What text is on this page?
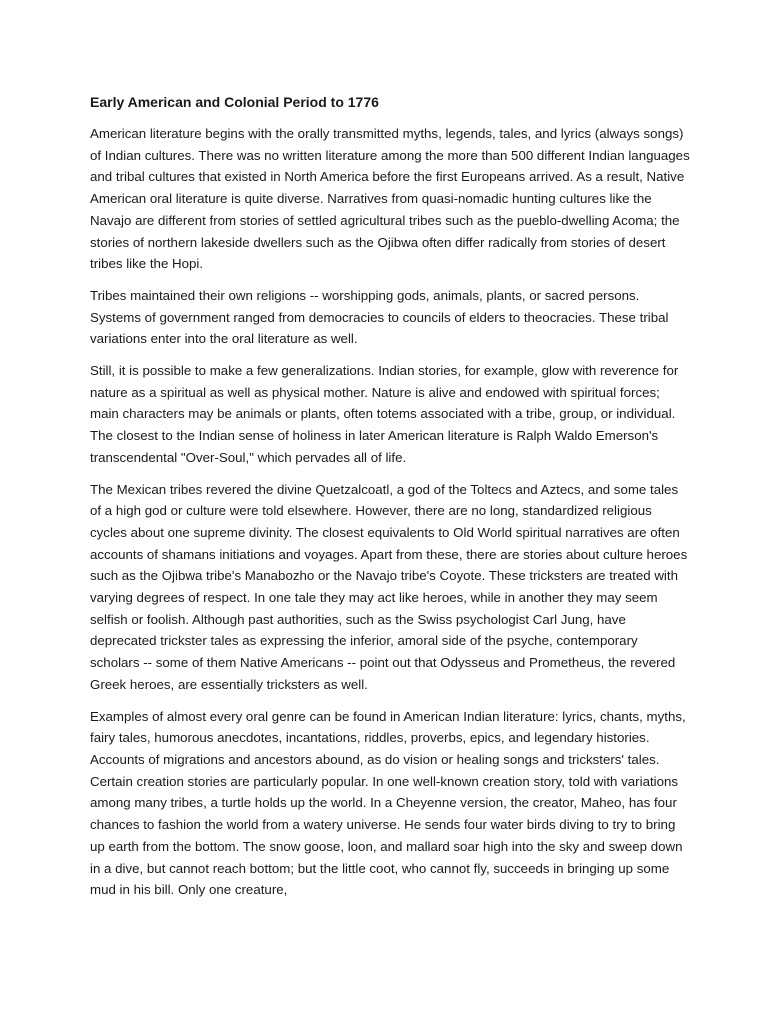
Early American and Colonial Period to 1776

American literature begins with the orally transmitted myths, legends, tales, and lyrics (always songs) of Indian cultures. There was no written literature among the more than 500 different Indian languages and tribal cultures that existed in North America before the first Europeans arrived. As a result, Native American oral literature is quite diverse. Narratives from quasi-nomadic hunting cultures like the Navajo are different from stories of settled agricultural tribes such as the pueblo-dwelling Acoma; the stories of northern lakeside dwellers such as the Ojibwa often differ radically from stories of desert tribes like the Hopi.

Tribes maintained their own religions -- worshipping gods, animals, plants, or sacred persons. Systems of government ranged from democracies to councils of elders to theocracies. These tribal variations enter into the oral literature as well.

Still, it is possible to make a few generalizations. Indian stories, for example, glow with reverence for nature as a spiritual as well as physical mother. Nature is alive and endowed with spiritual forces; main characters may be animals or plants, often totems associated with a tribe, group, or individual. The closest to the Indian sense of holiness in later American literature is Ralph Waldo Emerson's transcendental "Over-Soul," which pervades all of life.

The Mexican tribes revered the divine Quetzalcoatl, a god of the Toltecs and Aztecs, and some tales of a high god or culture were told elsewhere. However, there are no long, standardized religious cycles about one supreme divinity. The closest equivalents to Old World spiritual narratives are often accounts of shamans initiations and voyages. Apart from these, there are stories about culture heroes such as the Ojibwa tribe's Manabozho or the Navajo tribe's Coyote. These tricksters are treated with varying degrees of respect. In one tale they may act like heroes, while in another they may seem selfish or foolish. Although past authorities, such as the Swiss psychologist Carl Jung, have deprecated trickster tales as expressing the inferior, amoral side of the psyche, contemporary scholars -- some of them Native Americans -- point out that Odysseus and Prometheus, the revered Greek heroes, are essentially tricksters as well.

Examples of almost every oral genre can be found in American Indian literature: lyrics, chants, myths, fairy tales, humorous anecdotes, incantations, riddles, proverbs, epics, and legendary histories. Accounts of migrations and ancestors abound, as do vision or healing songs and tricksters' tales. Certain creation stories are particularly popular. In one well-known creation story, told with variations among many tribes, a turtle holds up the world. In a Cheyenne version, the creator, Maheo, has four chances to fashion the world from a watery universe. He sends four water birds diving to try to bring up earth from the bottom. The snow goose, loon, and mallard soar high into the sky and sweep down in a dive, but cannot reach bottom; but the little coot, who cannot fly, succeeds in bringing up some mud in his bill. Only one creature,
